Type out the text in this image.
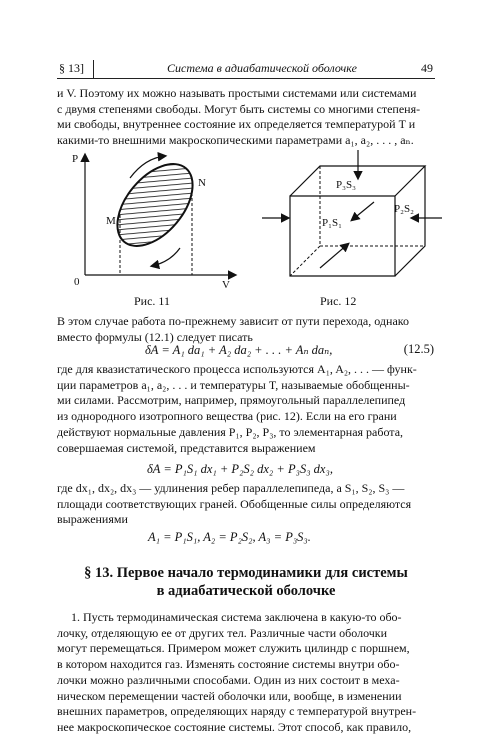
§ 13]	Система в адиабатической оболочке	49
и V. Поэтому их можно называть простыми системами или системами
с двумя степенями свободы. Могут быть системы со многими степеня-
ми свободы, внутреннее состояние их определяется температурой T и
какими-то внешними макроскопическими параметрами a₁, a₂, . . . , aₙ.
P
V
0
M
N
Рис. 11
P₃S₃
P₂S₂
P₁S₁
Рис. 12
В этом случае работа по-прежнему зависит от пути перехода, однако
вместо формулы (12.1) следует писать
δA = A₁ da₁ + A₂ da₂ + . . . + Aₙ daₙ,	(12.5)
где для квазистатического процесса используются A₁, A₂, . . . — функ-
ции параметров a₁, a₂, . . . и температуры T, называемые обобщенны-
ми силами. Рассмотрим, например, прямоугольный параллелепипед
из однородного изотропного вещества (рис. 12). Если на его грани
действуют нормальные давления P₁, P₂, P₃, то элементарная работа,
совершаемая системой, представится выражением
δA = P₁S₁ dx₁ + P₂S₂ dx₂ + P₃S₃ dx₃,
где dx₁, dx₂, dx₃ — удлинения ребер параллелепипеда, а S₁, S₂, S₃ —
площади соответствующих граней. Обобщенные силы определяются
выражениями
A₁ = P₁S₁, A₂ = P₂S₂, A₃ = P₃S₃.
§ 13. Первое начало термодинамики для системы
в адиабатической оболочке
1. Пусть термодинамическая система заключена в какую-то обо-
лочку, отделяющую ее от других тел. Различные части оболочки
могут перемещаться. Примером может служить цилиндр с поршнем,
в котором находится газ. Изменять состояние системы внутри обо-
лочки можно различными способами. Один из них состоит в меха-
ническом перемещении частей оболочки или, вообще, в изменении
внешних параметров, определяющих наряду с температурой внутрен-
нее макроскопическое состояние системы. Этот способ, как правило,
